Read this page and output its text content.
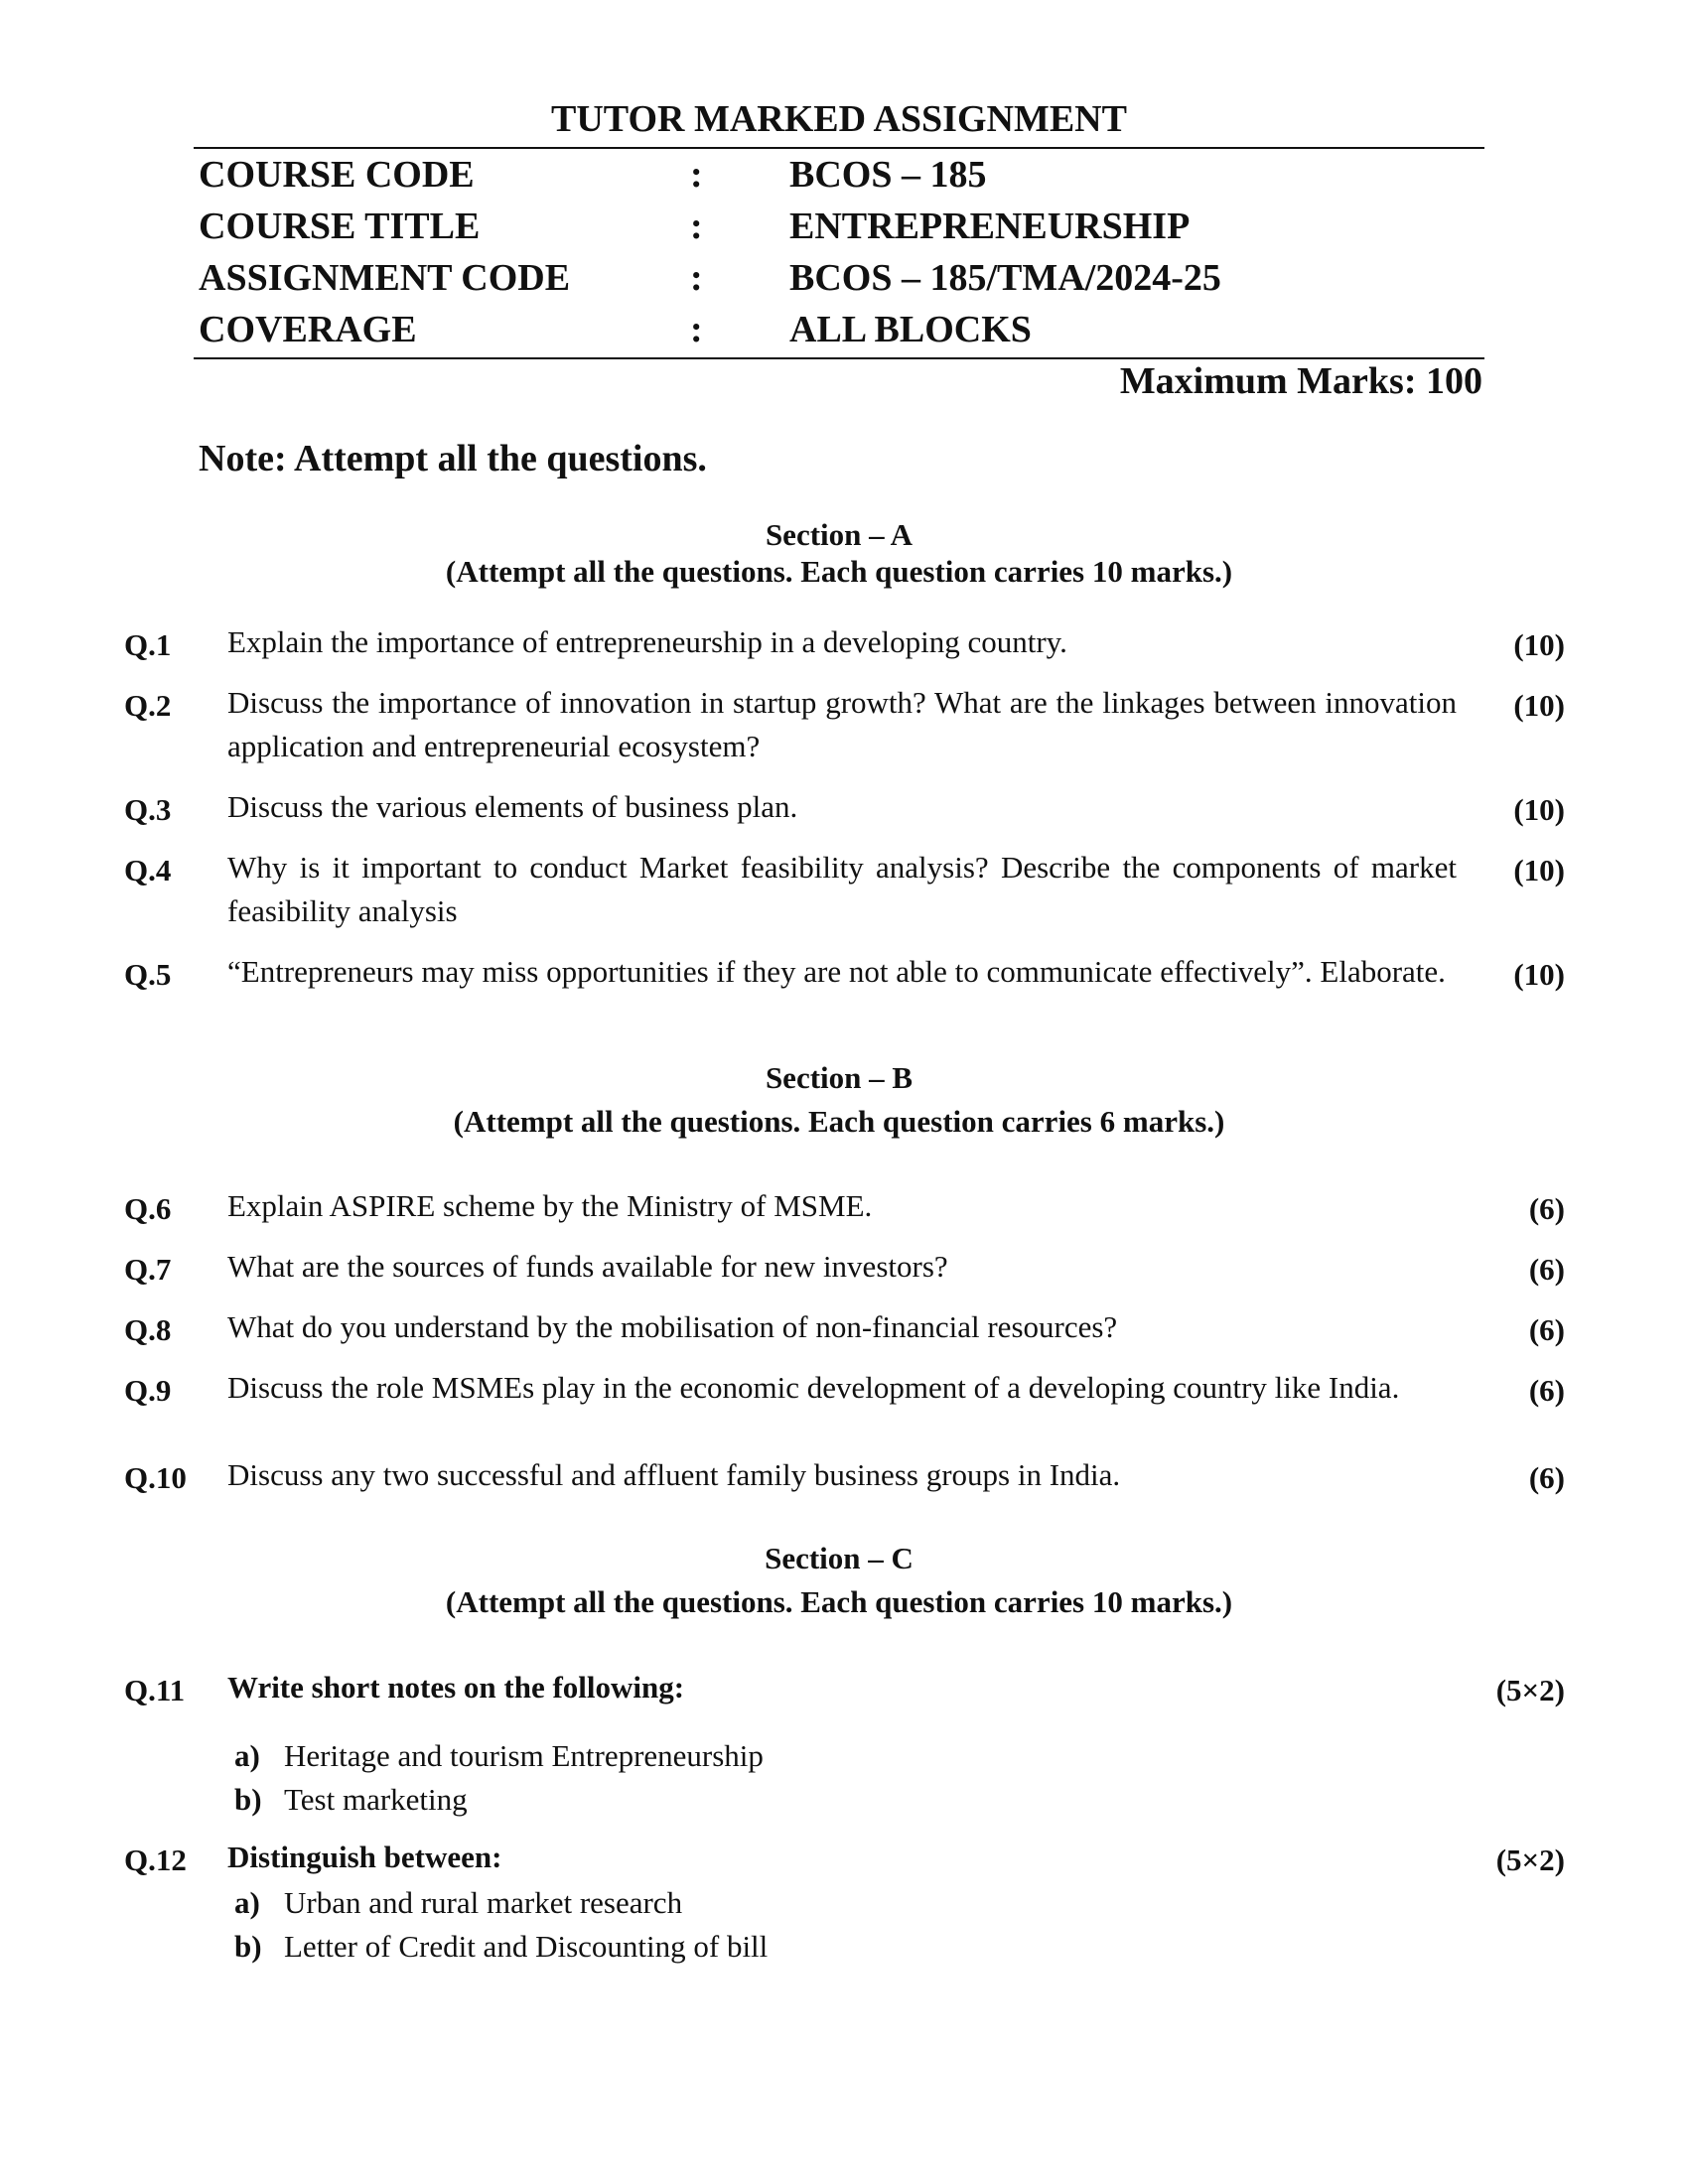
TUTOR MARKED ASSIGNMENT
COURSE CODE	: BCOS – 185
COURSE TITLE	: ENTREPRENEURSHIP
ASSIGNMENT CODE	: BCOS – 185/TMA/2024-25
COVERAGE	: ALL BLOCKS
Maximum Marks: 100
Note: Attempt all the questions.
Section – A
(Attempt all the questions. Each question carries 10 marks.)
Q.1 Explain the importance of entrepreneurship in a developing country.	(10)
Q.2 Discuss the importance of innovation in startup growth? What are the linkages between innovation application and entrepreneurial ecosystem?
(10)
Q.3 Discuss the various elements of business plan.	(10)
Q.4 Why is it important to conduct Market feasibility analysis? Describe the components of market feasibility analysis
(10)
Q.5 “Entrepreneurs may miss opportunities if they are not able to communicate effectively”. Elaborate.	(10)
Section – B
(Attempt all the questions. Each question carries 6 marks.)
Q.6 Explain ASPIRE scheme by the Ministry of MSME.	(6)
Q.7 What are the sources of funds available for new investors?	(6)
Q.8 What do you understand by the mobilisation of non-financial resources?	(6)
Q.9 Discuss the role MSMEs play in the economic development of a developing country like India.	(6)
Q.10 Discuss any two successful and affluent family business groups in India.	(6)
Section – C
(Attempt all the questions. Each question carries 10 marks.)
Q.11 Write short notes on the following:	(5×2)
a) Heritage and tourism Entrepreneurship
b) Test marketing
Q.12 Distinguish between:	(5×2)
a) Urban and rural market research
b) Letter of Credit and Discounting of bill
